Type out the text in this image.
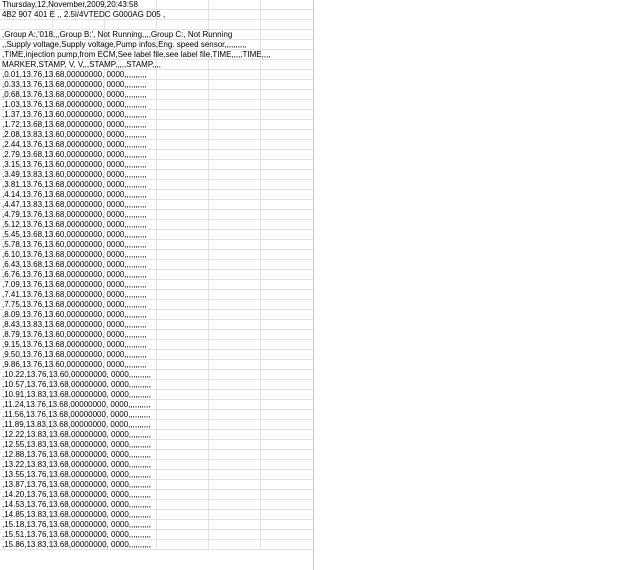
Thursday,12,November,2009,20:43:58
4B2 907 401 E ,, 2.5l/4VTEDC G000AG D05 ,
,Group A:,'018,,,Group B:', Not Running,,,,Group C:, Not Running
,,Supply voltage,Supply voltage,Pump infos,Eng. speed sensor,,,,,,,,,,
,TIME,injection pump,from ECM,See label file,see label file,TIME,,,,,TIME,,,,
MARKER,STAMP, V, V,,,STAMP,,,,,STAMP,,,,
,0.01,13.76,13.68,00000000, 0000,,,,,,,,,,
,0.33,13.76,13.68,00000000, 0000,,,,,,,,,,
,0.68,13.76,13.68,00000000, 0000,,,,,,,,,,
,1.03,13.76,13.68,00000000, 0000,,,,,,,,,,
,1.37,13.76,13.60,00000000, 0000,,,,,,,,,,
,1.72,13.68,13.68,00000000, 0000,,,,,,,,,,
,2.08,13.83,13.60,00000000, 0000,,,,,,,,,,
,2.44,13.76,13.68,00000000, 0000,,,,,,,,,,
,2.79,13.68,13.60,00000000, 0000,,,,,,,,,,
,3.15,13.76,13.60,00000000, 0000,,,,,,,,,,
,3.49,13.83,13.60,00000000, 0000,,,,,,,,,,
,3.81,13.76,13.68,00000000, 0000,,,,,,,,,,
,4.14,13.76,13.68,00000000, 0000,,,,,,,,,,
,4.47,13.83,13.68,00000000, 0000,,,,,,,,,,
,4.79,13.76,13.68,00000000, 0000,,,,,,,,,,
,5.12,13.76,13.68,00000000, 0000,,,,,,,,,,
,5.45,13.68,13.60,00000000, 0000,,,,,,,,,,
,5.78,13.76,13.60,00000000, 0000,,,,,,,,,,
,6.10,13.76,13.68,00000000, 0000,,,,,,,,,,
,6.43,13.68,13.68,00000000, 0000,,,,,,,,,,
,6.76,13.76,13.68,00000000, 0000,,,,,,,,,,
,7.09,13.76,13.68,00000000, 0000,,,,,,,,,,
,7.41,13.76,13.68,00000000, 0000,,,,,,,,,,
,7.75,13.76,13.68,00000000, 0000,,,,,,,,,,
,8.09,13.76,13.60,00000000, 0000,,,,,,,,,,
,8.43,13.83,13.68,00000000, 0000,,,,,,,,,,
,8.79,13.76,13.60,00000000, 0000,,,,,,,,,,
,9.15,13.76,13.68,00000000, 0000,,,,,,,,,,
,9.50,13.76,13.68,00000000, 0000,,,,,,,,,,
,9.86,13.76,13.60,00000000, 0000,,,,,,,,,,
,10.22,13.76,13.60,00000000, 0000,,,,,,,,,,
,10.57,13.76,13.68,00000000, 0000,,,,,,,,,,
,10.91,13.83,13.68,00000000, 0000,,,,,,,,,,
,11.24,13.76,13.68,00000000, 0000,,,,,,,,,,
,11.56,13.76,13.68,00000000, 0000,,,,,,,,,,
,11.89,13.83,13.68,00000000, 0000,,,,,,,,,,
,12.22,13.83,13.68,00000000, 0000,,,,,,,,,,
,12.55,13.83,13.68,00000000, 0000,,,,,,,,,,
,12.88,13.76,13.68,00000000, 0000,,,,,,,,,,
,13.22,13.83,13.68,00000000, 0000,,,,,,,,,,
,13.55,13.76,13.68,00000000, 0000,,,,,,,,,,
,13.87,13.76,13.68,00000000, 0000,,,,,,,,,,
,14.20,13.76,13.68,00000000, 0000,,,,,,,,,,
,14.53,13.76,13.68,00000000, 0000,,,,,,,,,,
,14.85,13.83,13.68,00000000, 0000,,,,,,,,,,
,15.18,13.76,13.68,00000000, 0000,,,,,,,,,,
,15.51,13.76,13.68,00000000, 0000,,,,,,,,,,
,15.86,13.83,13.68,00000000, 0000,,,,,,,,,,
